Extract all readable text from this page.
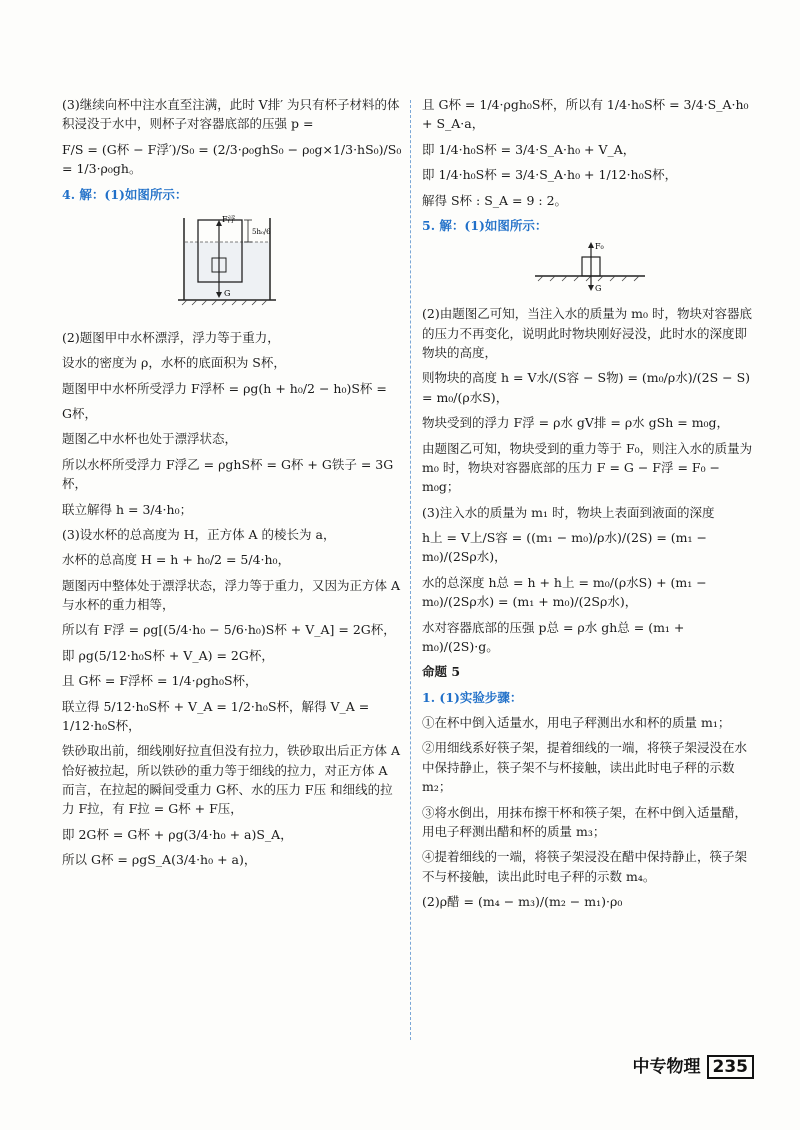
(3)继续向杯中注水直至注满，此时 V排′ 为只有杯子材料的体积浸没于水中，则杯子对容器底部的压强 p =

F/S = (G杯 − F浮′)/S₀ = (2/3·ρ₀ghS₀ − ρ₀g×1/3·hS₀)/S₀ = 1/3·ρ₀gh。

4. 解：(1)如图所示：

F浮
G
5h₀/6

(2)题图甲中水杯漂浮，浮力等于重力，

设水的密度为 ρ，水杯的底面积为 S杯，

题图甲中水杯所受浮力 F浮杯 = ρg(h + h₀/2 − h₀)S杯 =

G杯，

题图乙中水杯也处于漂浮状态，

所以水杯所受浮力 F浮乙 = ρghS杯 = G杯 + G铁子 = 3G杯，

联立解得 h = 3/4·h₀；

(3)设水杯的总高度为 H，正方体 A 的棱长为 a，

水杯的总高度 H = h + h₀/2 = 5/4·h₀，

题图丙中整体处于漂浮状态，浮力等于重力，又因为正方体 A 与水杯的重力相等，

所以有 F浮 = ρg[(5/4·h₀ − 5/6·h₀)S杯 + V_A] = 2G杯，

即 ρg(5/12·h₀S杯 + V_A) = 2G杯，

且 G杯 = F浮杯 = 1/4·ρgh₀S杯，

联立得 5/12·h₀S杯 + V_A = 1/2·h₀S杯，解得 V_A = 1/12·h₀S杯，

铁砂取出前，细线刚好拉直但没有拉力，铁砂取出后正方体 A 恰好被拉起，所以铁砂的重力等于细线的拉力，对正方体 A 而言，在拉起的瞬间受重力 G杯、水的压力 F压 和细线的拉力 F拉，有 F拉 = G杯 + F压，

即 2G杯 = G杯 + ρg(3/4·h₀ + a)S_A，

所以 G杯 = ρgS_A(3/4·h₀ + a)，

且 G杯 = 1/4·ρgh₀S杯，所以有 1/4·h₀S杯 = 3/4·S_A·h₀ + S_A·a，

即 1/4·h₀S杯 = 3/4·S_A·h₀ + V_A，

即 1/4·h₀S杯 = 3/4·S_A·h₀ + 1/12·h₀S杯，

解得 S杯 : S_A = 9 : 2。

5. 解：(1)如图所示：

F₀
G

(2)由题图乙可知，当注入水的质量为 m₀ 时，物块对容器底的压力不再变化，说明此时物块刚好浸没，此时水的深度即物块的高度，

则物块的高度 h = V水/(S容 − S物) = (m₀/ρ水)/(2S − S) = m₀/(ρ水S)，

物块受到的浮力 F浮 = ρ水 gV排 = ρ水 gSh = m₀g，

由题图乙可知，物块受到的重力等于 F₀，则注入水的质量为 m₀ 时，物块对容器底部的压力 F = G − F浮 = F₀ − m₀g；

(3)注入水的质量为 m₁ 时，物块上表面到液面的深度

h上 = V上/S容 = ((m₁ − m₀)/ρ水)/(2S) = (m₁ − m₀)/(2Sρ水)，

水的总深度 h总 = h + h上 = m₀/(ρ水S) + (m₁ − m₀)/(2Sρ水) = (m₁ + m₀)/(2Sρ水)，

水对容器底部的压强 p总 = ρ水 gh总 = (m₁ + m₀)/(2S)·g。

命题 5

1. (1)实验步骤：

①在杯中倒入适量水，用电子秤测出水和杯的质量 m₁；

②用细线系好筷子架，提着细线的一端，将筷子架浸没在水中保持静止，筷子架不与杯接触，读出此时电子秤的示数 m₂；

③将水倒出，用抹布擦干杯和筷子架，在杯中倒入适量醋，用电子秤测出醋和杯的质量 m₃；

④提着细线的一端，将筷子架浸没在醋中保持静止，筷子架不与杯接触，读出此时电子秤的示数 m₄。

(2)ρ醋 = (m₄ − m₃)/(m₂ − m₁)·ρ₀

中专物理 235
